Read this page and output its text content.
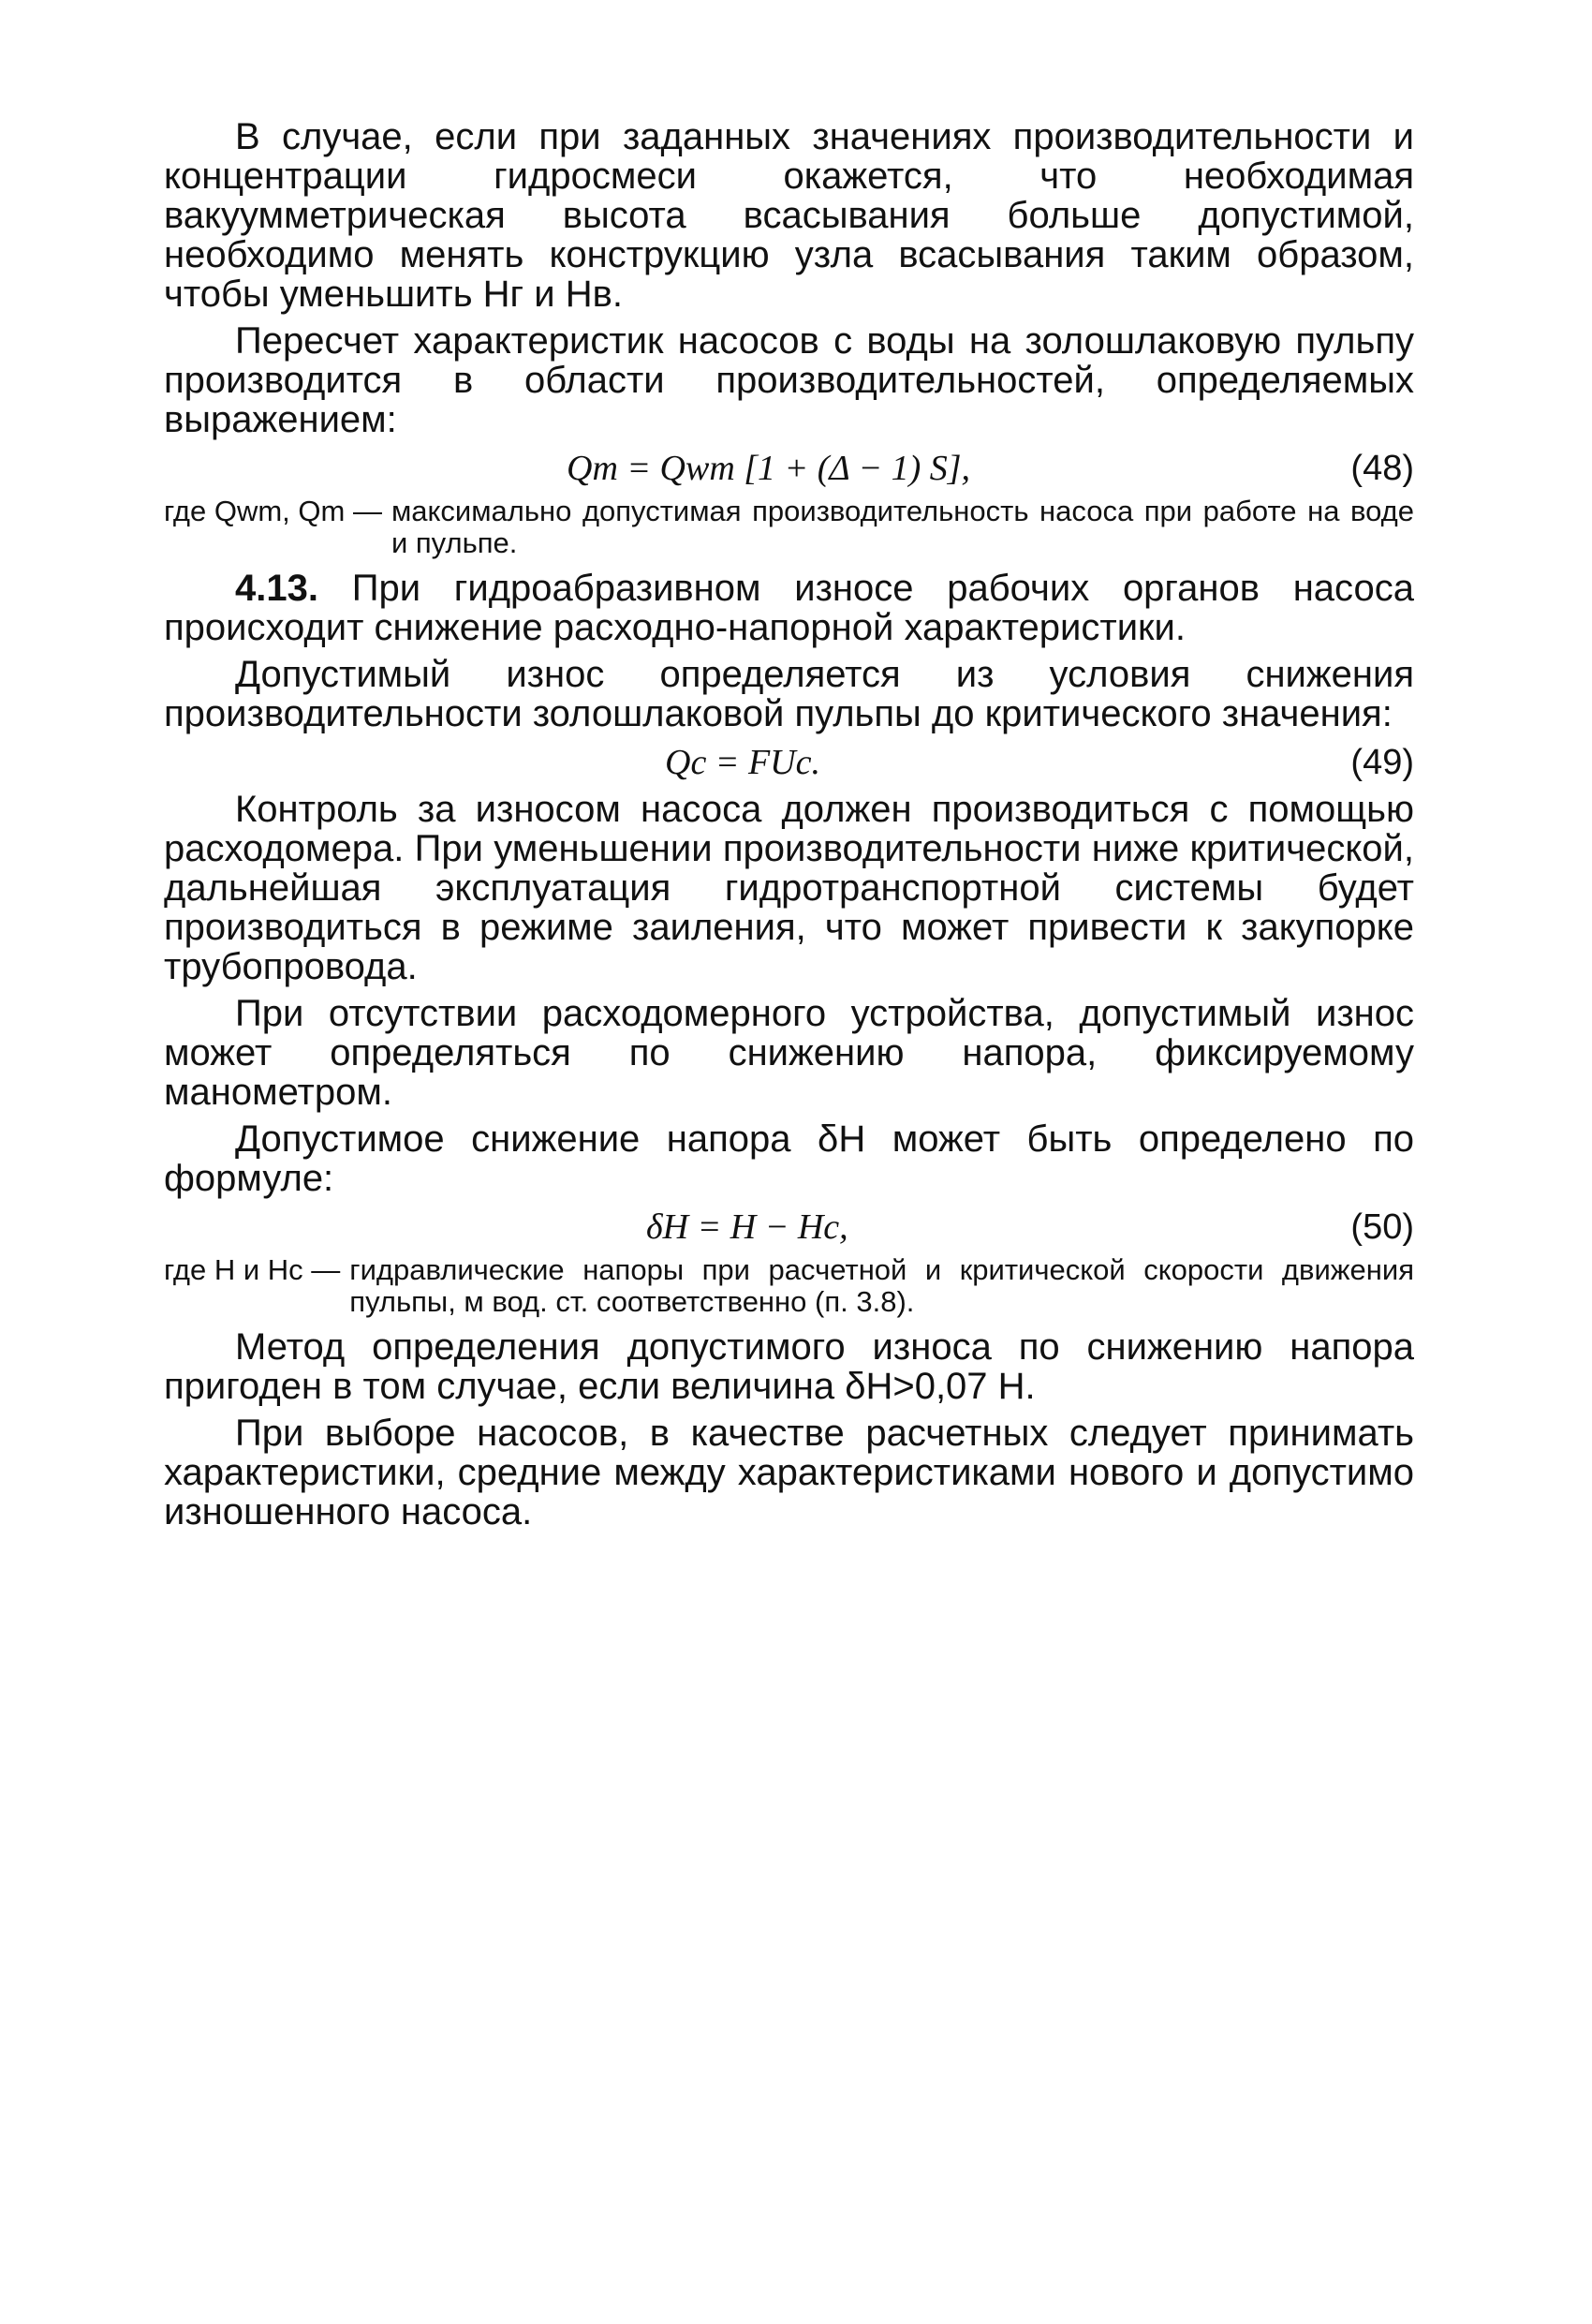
В случае, если при заданных значениях производительности и концентрации гидросмеси окажется, что необходимая вакуумметрическая высота всасывания больше допустимой, необходимо менять конструкцию узла всасывания таким образом, чтобы уменьшить Hг и Hв.

Пересчет характеристик насосов с воды на золошлаковую пульпу производится в области производительностей, определяемых выражением:

Qm = Qwm [1 + (Δ − 1) S],	(48)
где Qwm, Qm — максимально допустимая производительность насоса при работе на воде и пульпе.

4.13. При гидроабразивном износе рабочих органов насоса происходит снижение расходно-напорной характеристики.

Допустимый износ определяется из условия снижения производительности золошлаковой пульпы до критического значения:

Qc = FUc.	(49)

Контроль за износом насоса должен производиться с помощью расходомера. При уменьшении производительности ниже критической, дальнейшая эксплуатация гидротранспортной системы будет производиться в режиме заиления, что может привести к закупорке трубопровода.

При отсутствии расходомерного устройства, допустимый износ может определяться по снижению напора, фиксируемому манометром.

Допустимое снижение напора δH может быть определено по формуле:

δH = H − Hc,	(50)
где H и Hc — гидравлические напоры при расчетной и критической скорости движения пульпы, м вод. ст. соответственно (п. 3.8).

Метод определения допустимого износа по снижению напора пригоден в том случае, если величина δH>0,07 H.

При выборе насосов, в качестве расчетных следует принимать характеристики, средние между характеристиками нового и допустимо изношенного насоса.
